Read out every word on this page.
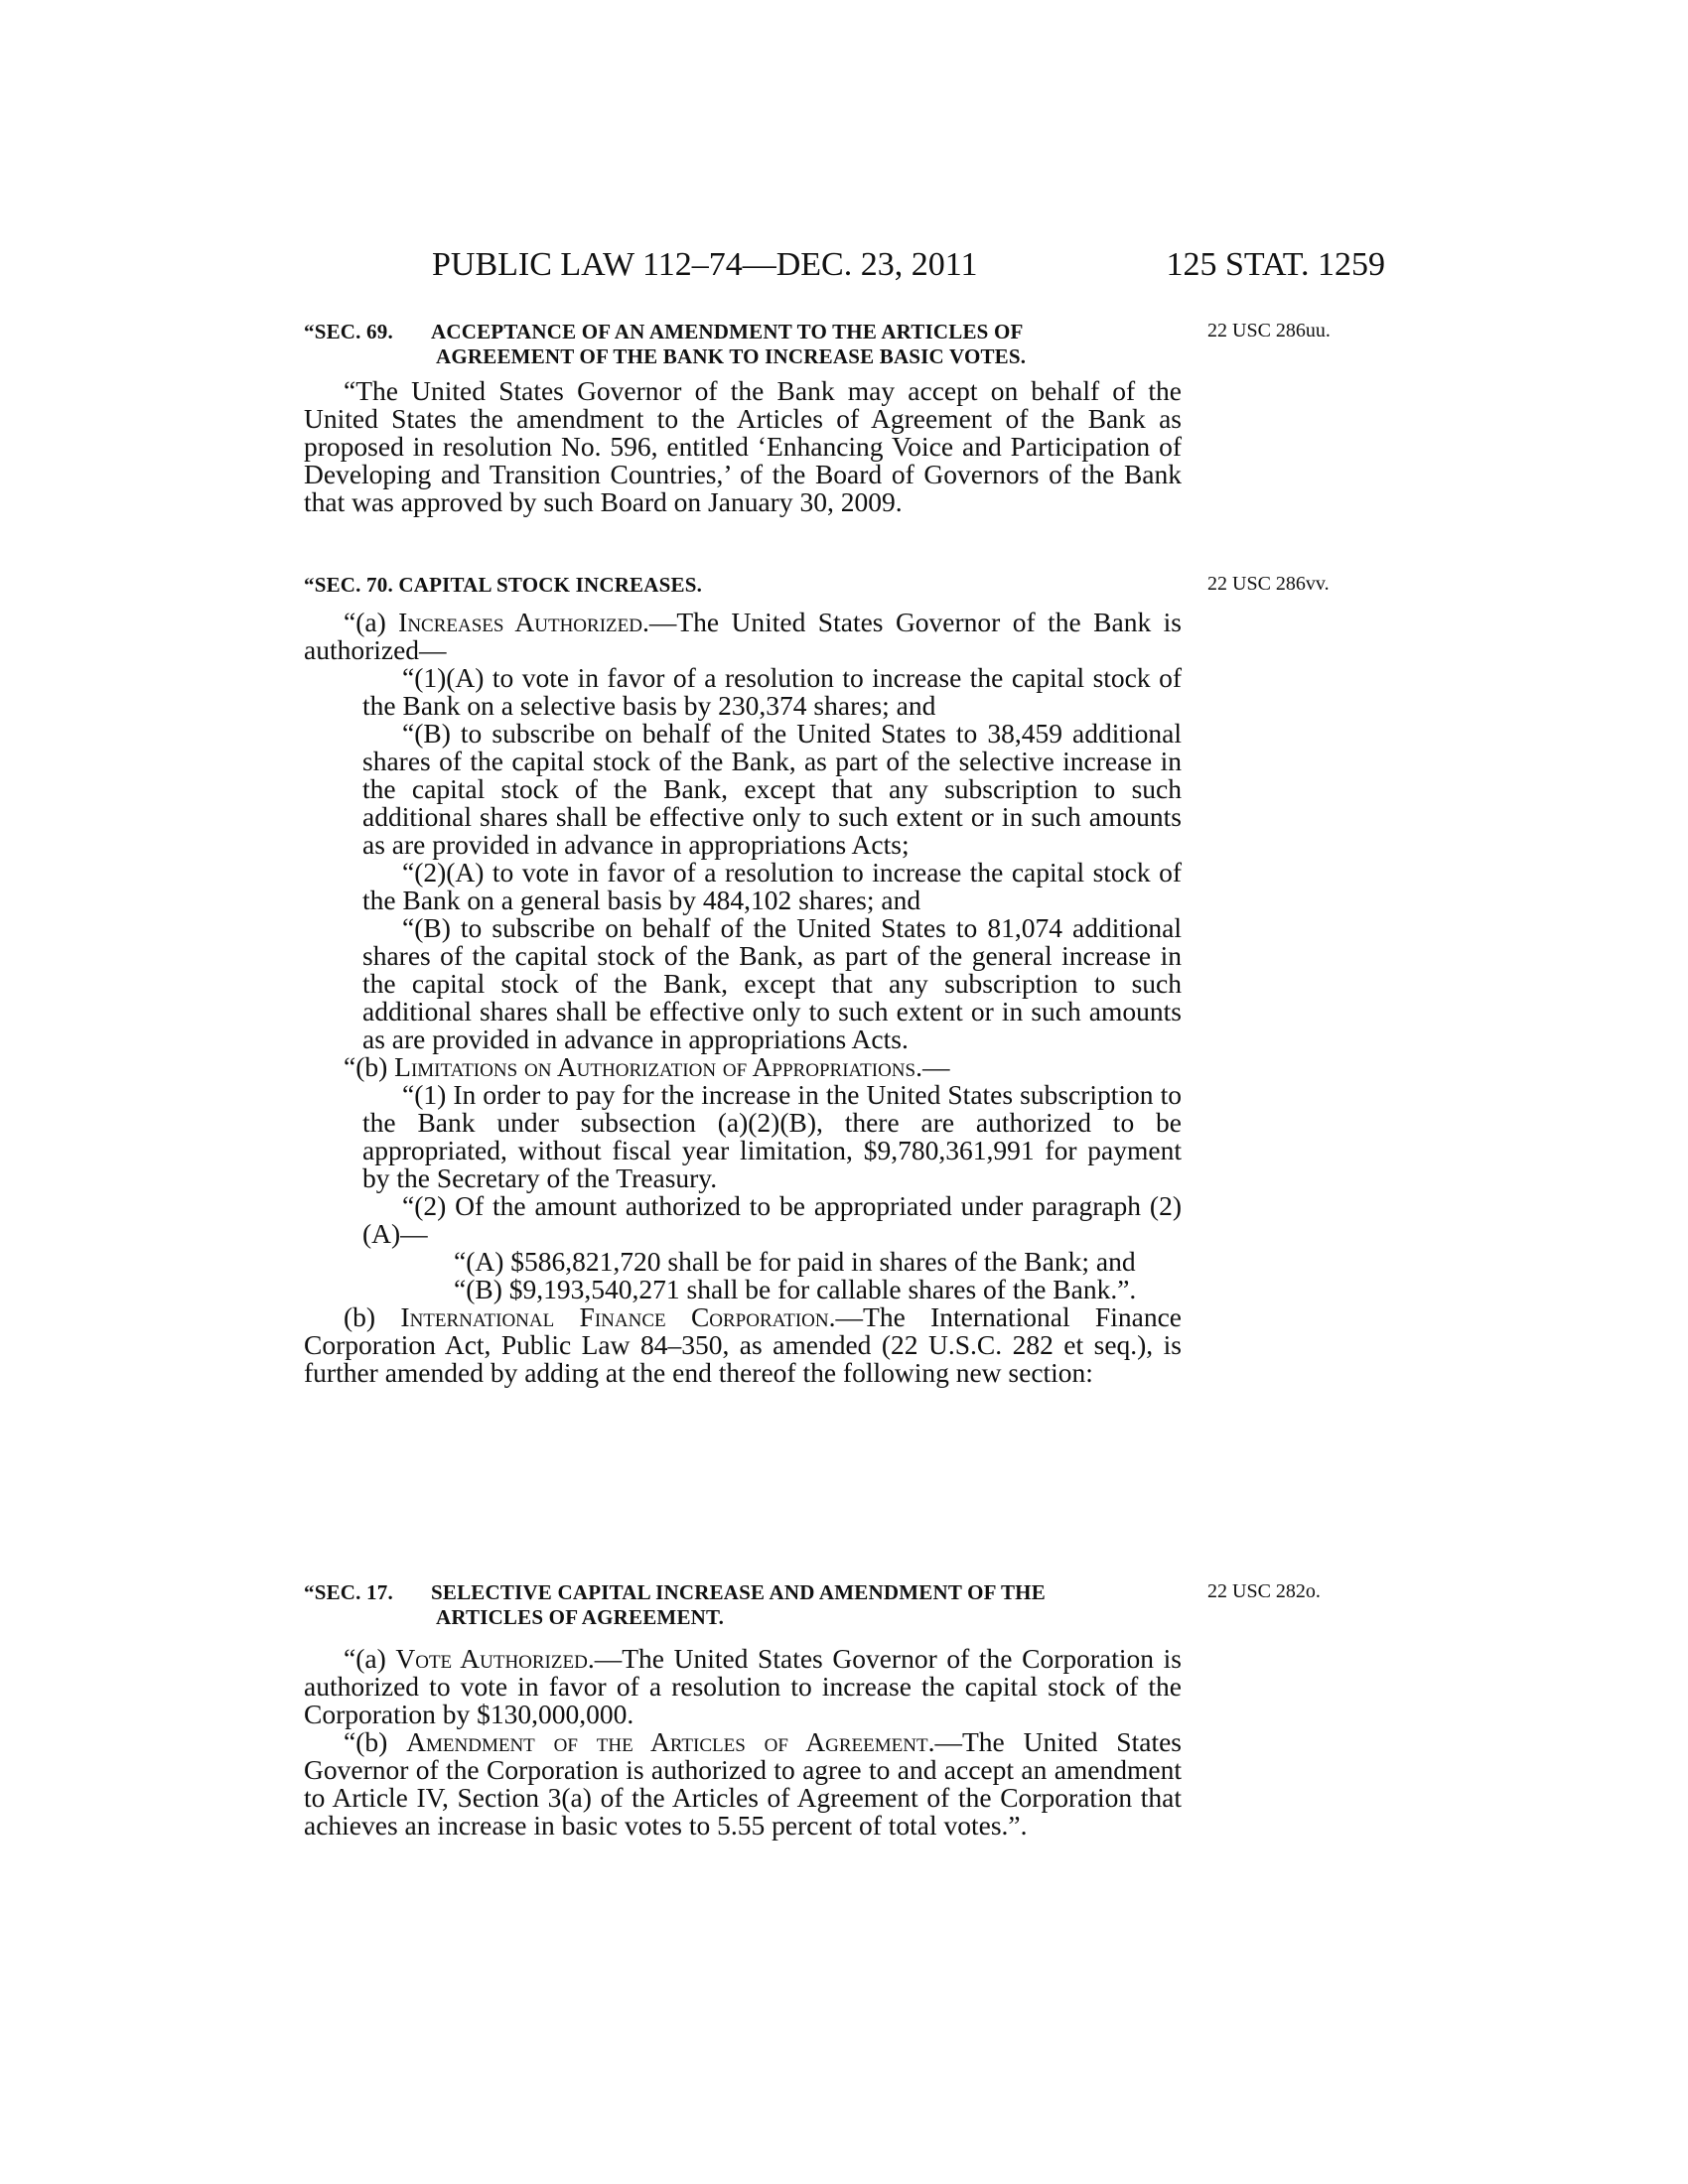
PUBLIC LAW 112–74—DEC. 23, 2011	125 STAT. 1259
22 USC 286uu.
“SEC. 69. ACCEPTANCE OF AN AMENDMENT TO THE ARTICLES OF
AGREEMENT OF THE BANK TO INCREASE BASIC VOTES.

“The United States Governor of the Bank may accept on behalf of the United States the amendment to the Articles of Agreement of the Bank as proposed in resolution No. 596, entitled ‘Enhancing Voice and Participation of Developing and Transition Countries,’ of the Board of Governors of the Bank that was approved by such Board on January 30, 2009.

22 USC 286vv.
“SEC. 70. CAPITAL STOCK INCREASES.

“(a) Increases Authorized.—The United States Governor of the Bank is authorized—

“(1)(A) to vote in favor of a resolution to increase the capital stock of the Bank on a selective basis by 230,374 shares; and

“(B) to subscribe on behalf of the United States to 38,459 additional shares of the capital stock of the Bank, as part of the selective increase in the capital stock of the Bank, except that any subscription to such additional shares shall be effective only to such extent or in such amounts as are provided in advance in appropriations Acts;

“(2)(A) to vote in favor of a resolution to increase the capital stock of the Bank on a general basis by 484,102 shares; and

“(B) to subscribe on behalf of the United States to 81,074 additional shares of the capital stock of the Bank, as part of the general increase in the capital stock of the Bank, except that any subscription to such additional shares shall be effective only to such extent or in such amounts as are provided in advance in appropriations Acts.

“(b) Limitations on Authorization of Appropriations.—

“(1) In order to pay for the increase in the United States subscription to the Bank under subsection (a)(2)(B), there are authorized to be appropriated, without fiscal year limitation, $9,780,361,991 for payment by the Secretary of the Treasury.

“(2) Of the amount authorized to be appropriated under paragraph (2)(A)—

“(A) $586,821,720 shall be for paid in shares of the Bank; and

“(B) $9,193,540,271 shall be for callable shares of the Bank.”.

(b) International Finance Corporation.—The International Finance Corporation Act, Public Law 84–350, as amended (22 U.S.C. 282 et seq.), is further amended by adding at the end thereof the following new section:

22 USC 282o.
“SEC. 17. SELECTIVE CAPITAL INCREASE AND AMENDMENT OF THE
ARTICLES OF AGREEMENT.

“(a) Vote Authorized.—The United States Governor of the Corporation is authorized to vote in favor of a resolution to increase the capital stock of the Corporation by $130,000,000.

“(b) Amendment of the Articles of Agreement.—The United States Governor of the Corporation is authorized to agree to and accept an amendment to Article IV, Section 3(a) of the Articles of Agreement of the Corporation that achieves an increase in basic votes to 5.55 percent of total votes.”.
